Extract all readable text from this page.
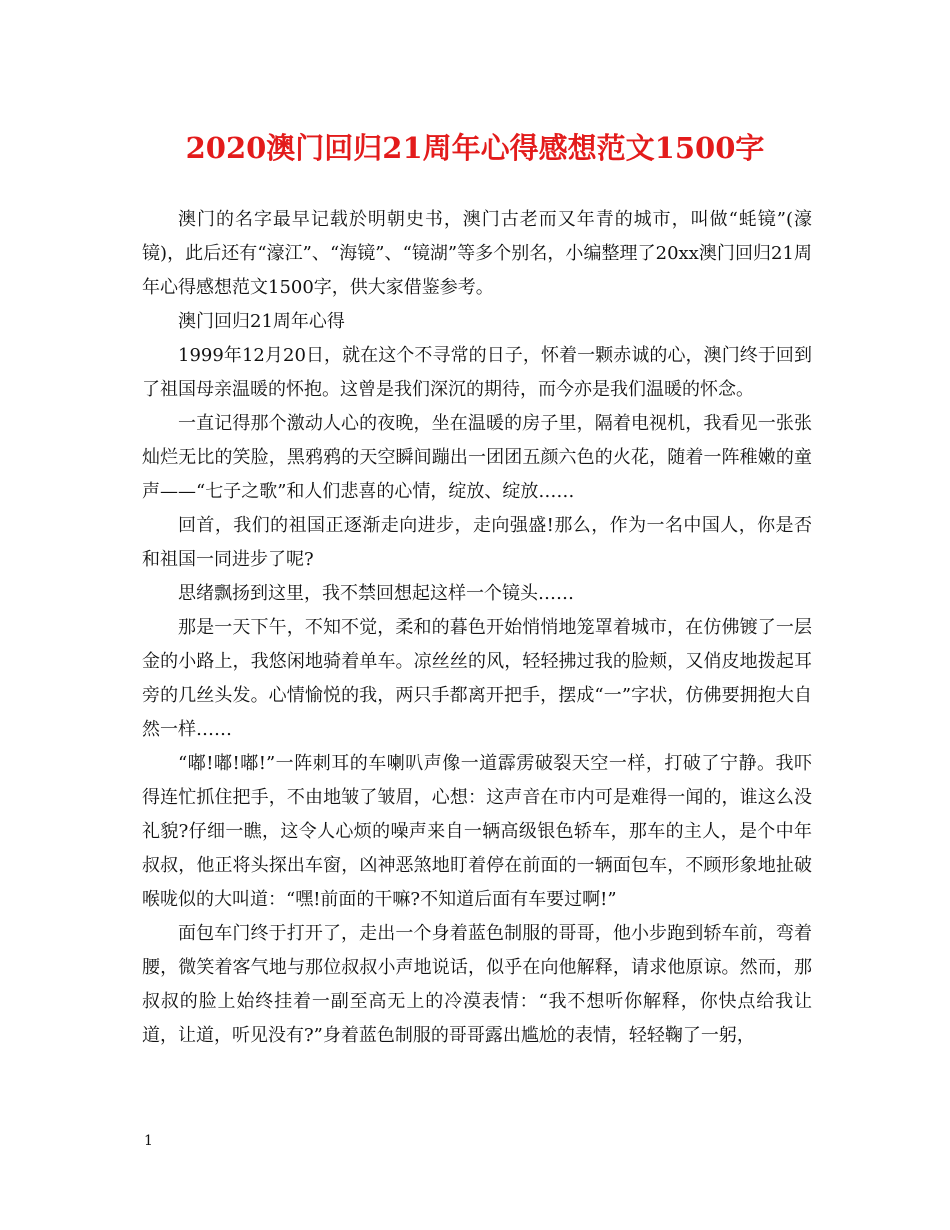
2020澳门回归21周年心得感想范文1500字

澳门的名字最早记载於明朝史书，澳门古老而又年青的城市，叫做“蚝镜”(濠镜)，此后还有“濠江”、“海镜”、“镜湖”等多个别名，小编整理了20xx澳门回归21周年心得感想范文1500字，供大家借鉴参考。

澳门回归21周年心得

1999年12月20日，就在这个不寻常的日子，怀着一颗赤诚的心，澳门终于回到了祖国母亲温暖的怀抱。这曾是我们深沉的期待，而今亦是我们温暖的怀念。

一直记得那个激动人心的夜晚，坐在温暖的房子里，隔着电视机，我看见一张张灿烂无比的笑脸，黑鸦鸦的天空瞬间蹦出一团团五颜六色的火花，随着一阵稚嫩的童声——“七子之歌”和人们悲喜的心情，绽放、绽放……

回首，我们的祖国正逐渐走向进步，走向强盛!那么，作为一名中国人，你是否和祖国一同进步了呢?

思绪飘扬到这里，我不禁回想起这样一个镜头……

那是一天下午，不知不觉，柔和的暮色开始悄悄地笼罩着城市，在仿佛镀了一层金的小路上，我悠闲地骑着单车。凉丝丝的风，轻轻拂过我的脸颊，又俏皮地拨起耳旁的几丝头发。心情愉悦的我，两只手都离开把手，摆成“一”字状，仿佛要拥抱大自然一样……

“嘟!嘟!嘟!”一阵刺耳的车喇叭声像一道霹雳破裂天空一样，打破了宁静。我吓得连忙抓住把手，不由地皱了皱眉，心想：这声音在市内可是难得一闻的，谁这么没礼貌?仔细一瞧，这令人心烦的噪声来自一辆高级银色轿车，那车的主人，是个中年叔叔，他正将头探出车窗，凶神恶煞地盯着停在前面的一辆面包车，不顾形象地扯破喉咙似的大叫道：“嘿!前面的干嘛?不知道后面有车要过啊!”

面包车门终于打开了，走出一个身着蓝色制服的哥哥，他小步跑到轿车前，弯着腰，微笑着客气地与那位叔叔小声地说话，似乎在向他解释，请求他原谅。然而，那叔叔的脸上始终挂着一副至高无上的冷漠表情：“我不想听你解释，你快点给我让道，让道，听见没有?”身着蓝色制服的哥哥露出尴尬的表情，轻轻鞠了一躬，

1
